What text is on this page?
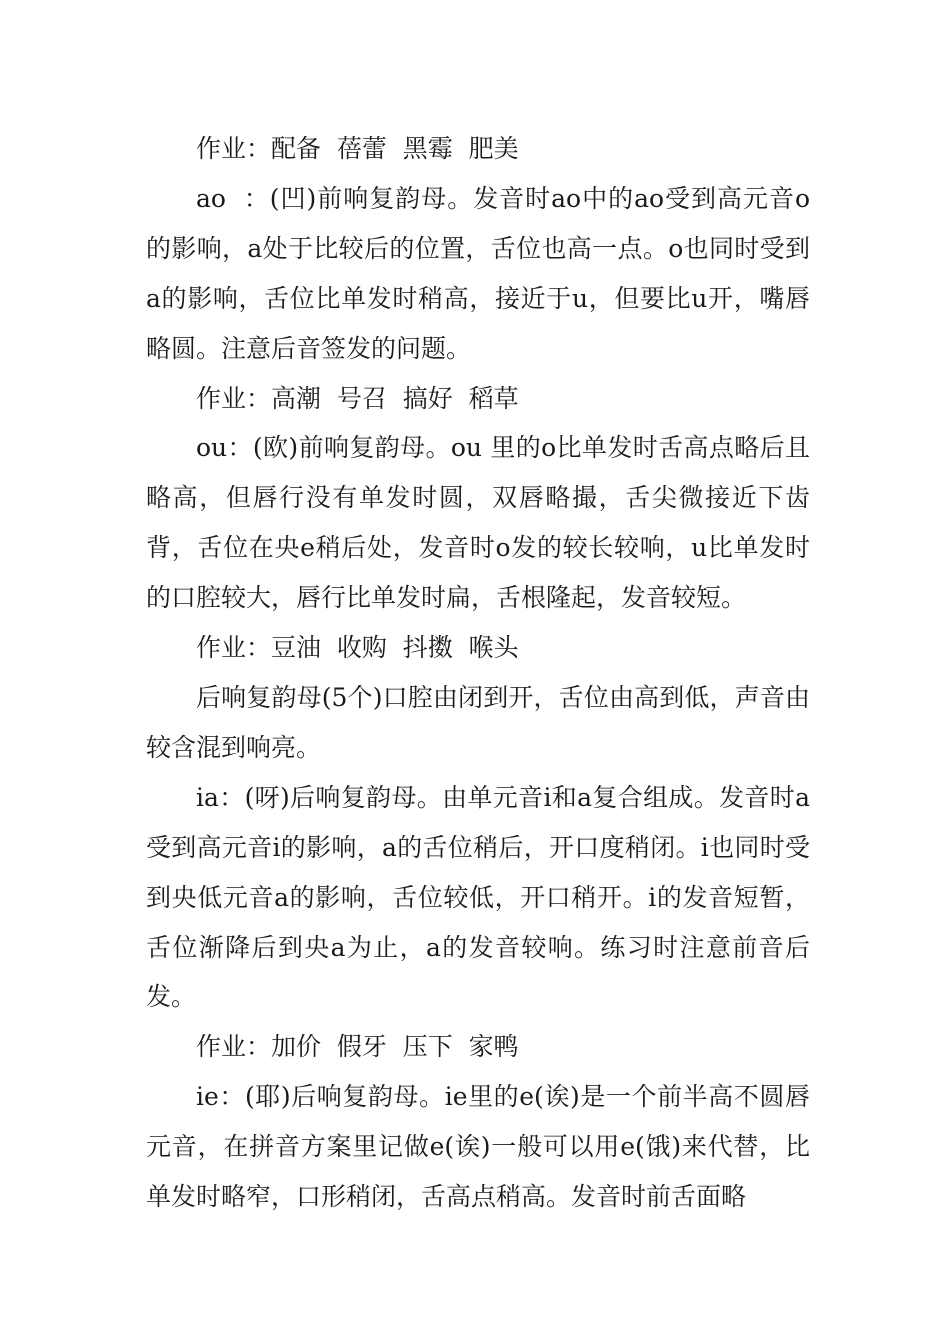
作业：配备  蓓蕾  黑霉  肥美

ao  ：(凹)前响复韵母。发音时ao中的ao受到高元音o的影响，a处于比较后的位置，舌位也高一点。o也同时受到a的影响，舌位比单发时稍高，接近于u，但要比u开，嘴唇略圆。注意后音签发的问题。

作业：高潮  号召  搞好  稻草

ou：(欧)前响复韵母。ou 里的o比单发时舌高点略后且略高，但唇行没有单发时圆，双唇略撮，舌尖微接近下齿背，舌位在央e稍后处，发音时o发的较长较响，u比单发时的口腔较大，唇行比单发时扁，舌根隆起，发音较短。

作业：豆油  收购  抖擞  喉头

后响复韵母(5个)口腔由闭到开，舌位由高到低，声音由较含混到响亮。

ia：(呀)后响复韵母。由单元音i和a复合组成。发音时a受到高元音i的影响，a的舌位稍后，开口度稍闭。i也同时受到央低元音a的影响，舌位较低，开口稍开。i的发音短暂，舌位渐降后到央a为止，a的发音较响。练习时注意前音后发。

作业：加价  假牙  压下  家鸭

ie：(耶)后响复韵母。ie里的e(诶)是一个前半高不圆唇元音，在拼音方案里记做e(诶)一般可以用e(饿)来代替，比单发时略窄，口形稍闭，舌高点稍高。发音时前舌面略
